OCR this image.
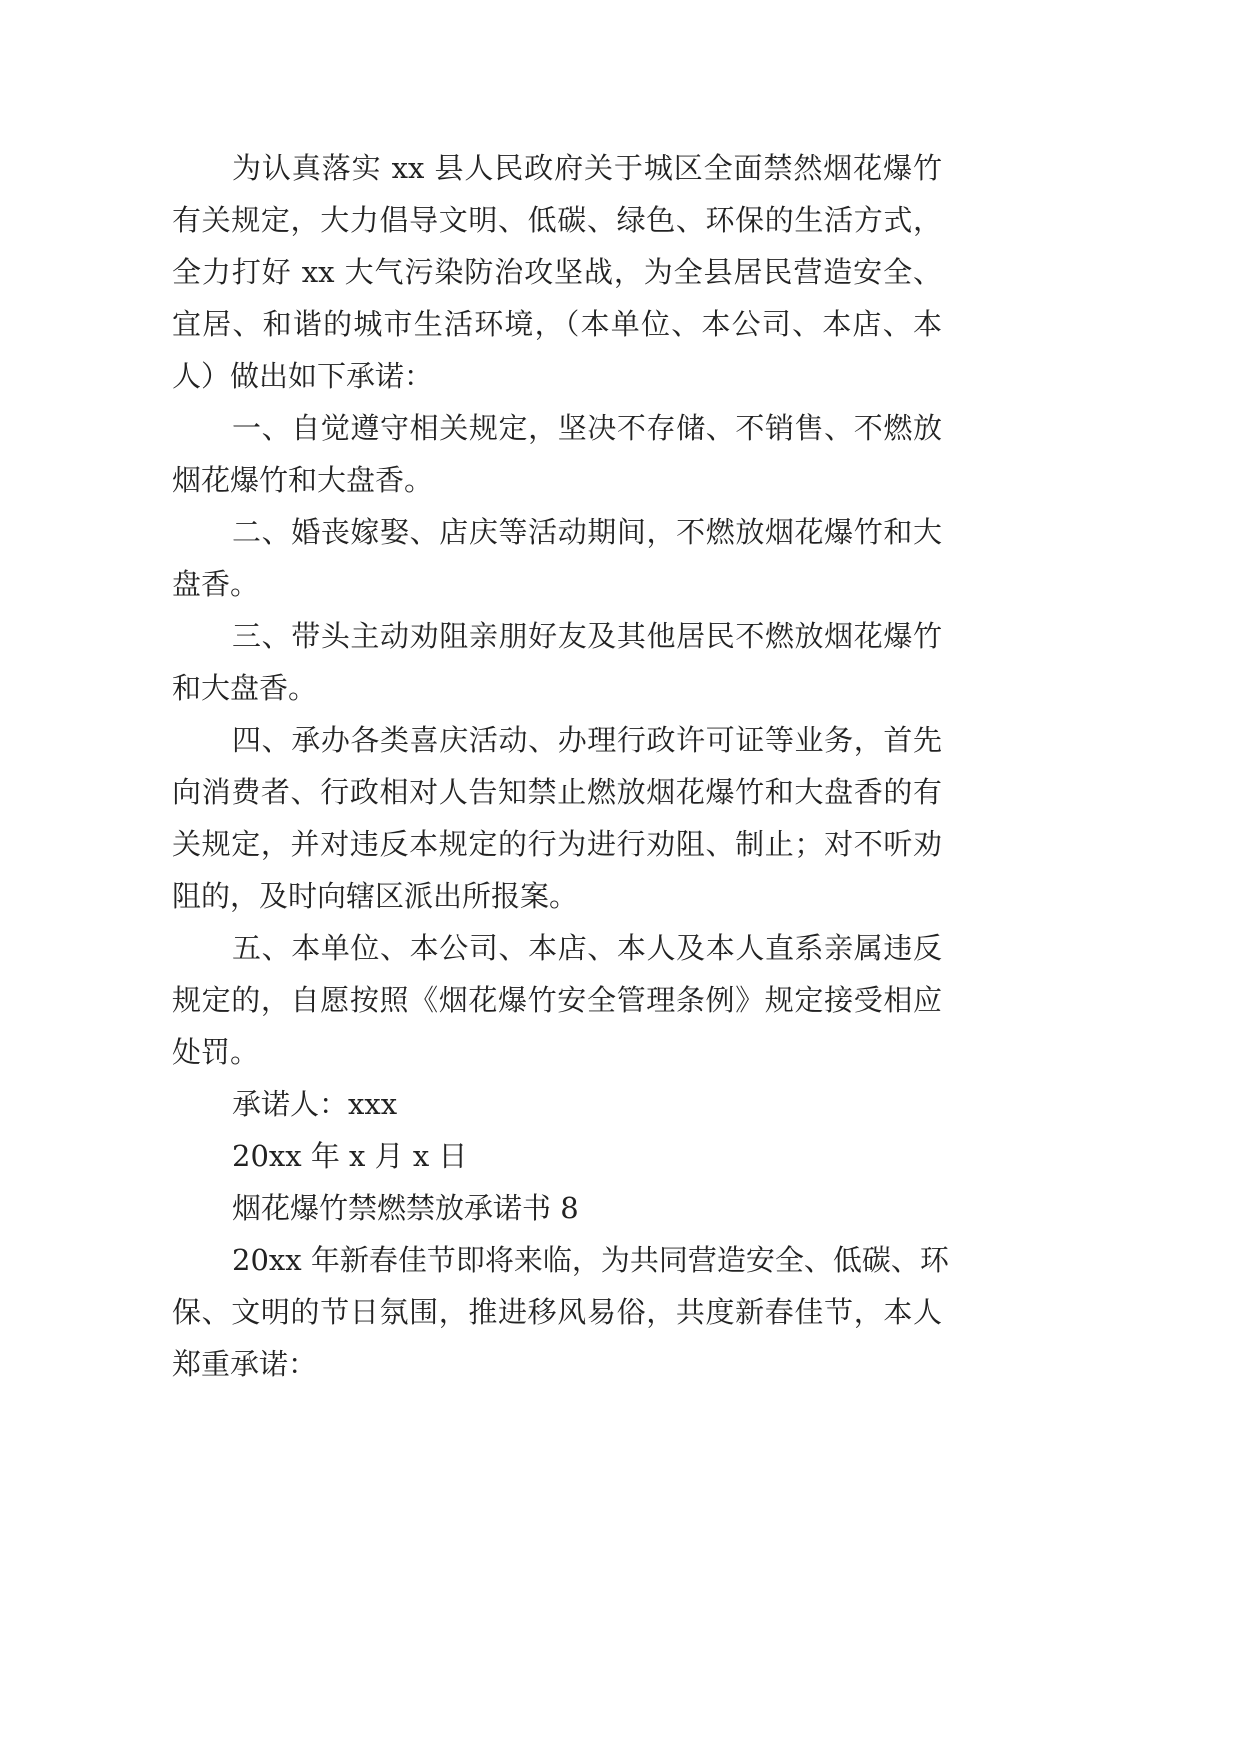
为认真落实 xx 县人民政府关于城区全面禁然烟花爆竹
有关规定，大力倡导文明、低碳、绿色、环保的生活方式，
全力打好 xx 大气污染防治攻坚战，为全县居民营造安全、
宜居、和谐的城市生活环境，（本单位、本公司、本店、本
人）做出如下承诺：
一、自觉遵守相关规定，坚决不存储、不销售、不燃放
烟花爆竹和大盘香。
二、婚丧嫁娶、店庆等活动期间，不燃放烟花爆竹和大
盘香。
三、带头主动劝阻亲朋好友及其他居民不燃放烟花爆竹
和大盘香。
四、承办各类喜庆活动、办理行政许可证等业务，首先
向消费者、行政相对人告知禁止燃放烟花爆竹和大盘香的有
关规定，并对违反本规定的行为进行劝阻、制止；对不听劝
阻的，及时向辖区派出所报案。
五、本单位、本公司、本店、本人及本人直系亲属违反
规定的，自愿按照《烟花爆竹安全管理条例》规定接受相应
处罚。
承诺人：xxx
20xx 年 x 月 x 日
烟花爆竹禁燃禁放承诺书 8
20xx 年新春佳节即将来临，为共同营造安全、低碳、环
保、文明的节日氛围，推进移风易俗，共度新春佳节，本人
郑重承诺：
